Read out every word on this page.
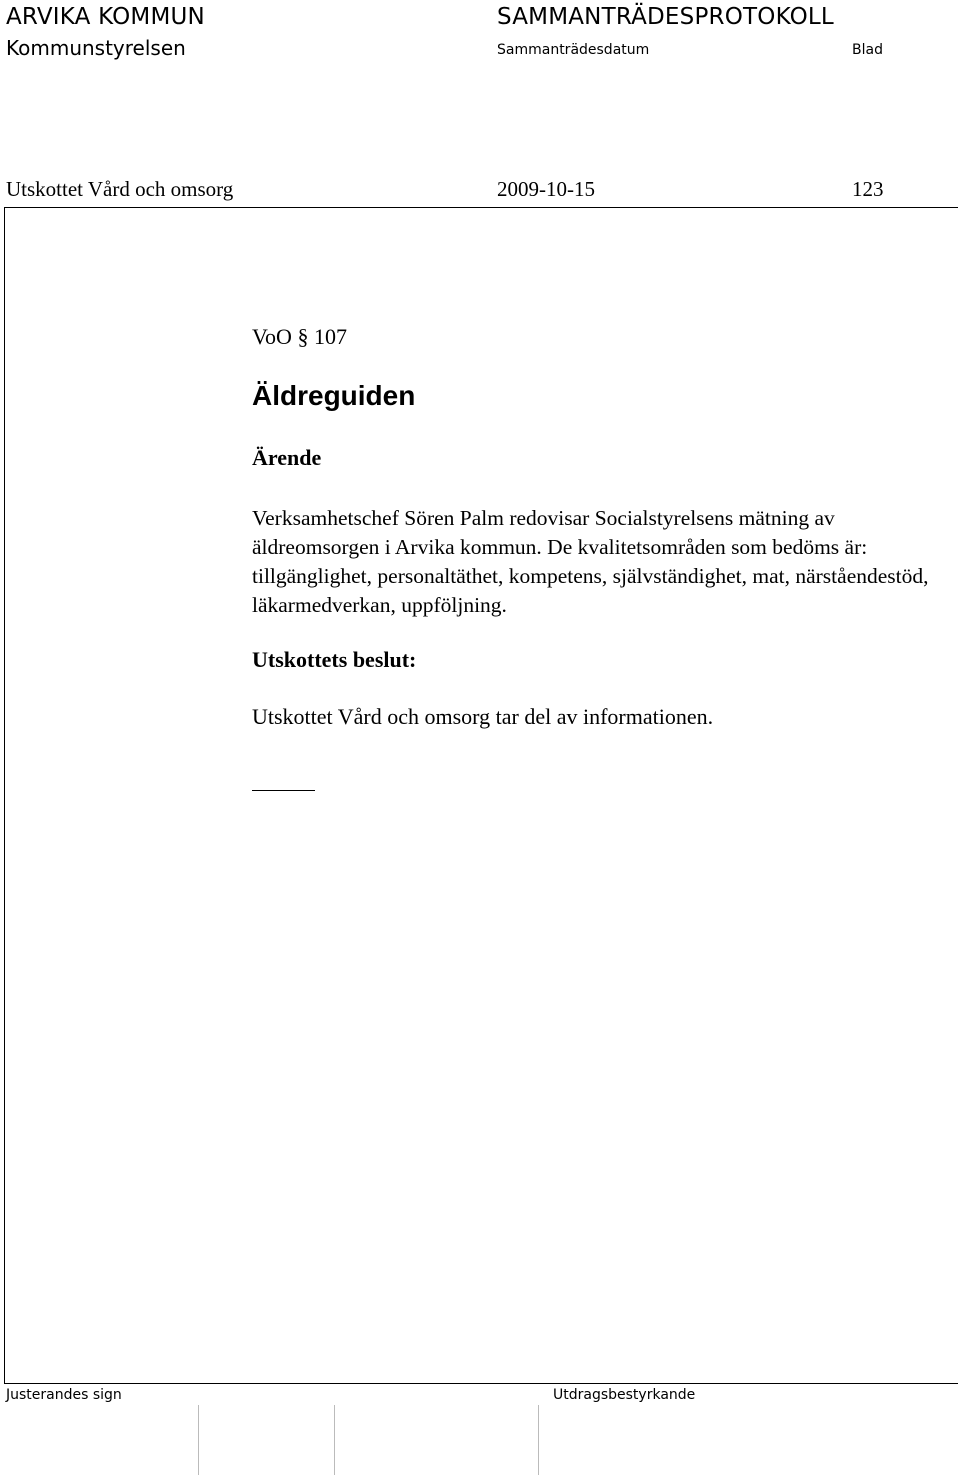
ARVIKA KOMMUN
Kommunstyrelsen
SAMMANTRÄDESPROTOKOLL
Sammanträdesdatum	Blad
Utskottet Vård och omsorg	2009-10-15	123
VoO § 107
Äldreguiden
Ärende
Verksamhetschef Sören Palm redovisar Socialstyrelsens mätning av äldreomsorgen i Arvika kommun. De kvalitetsområden som bedöms är: tillgänglighet, personaltäthet, kompetens, självständighet, mat, närståendestöd, läkarmedverkan, uppföljning.
Utskottets beslut:
Utskottet Vård och omsorg tar del av informationen.
Justerandes sign	Utdragsbestyrkande
